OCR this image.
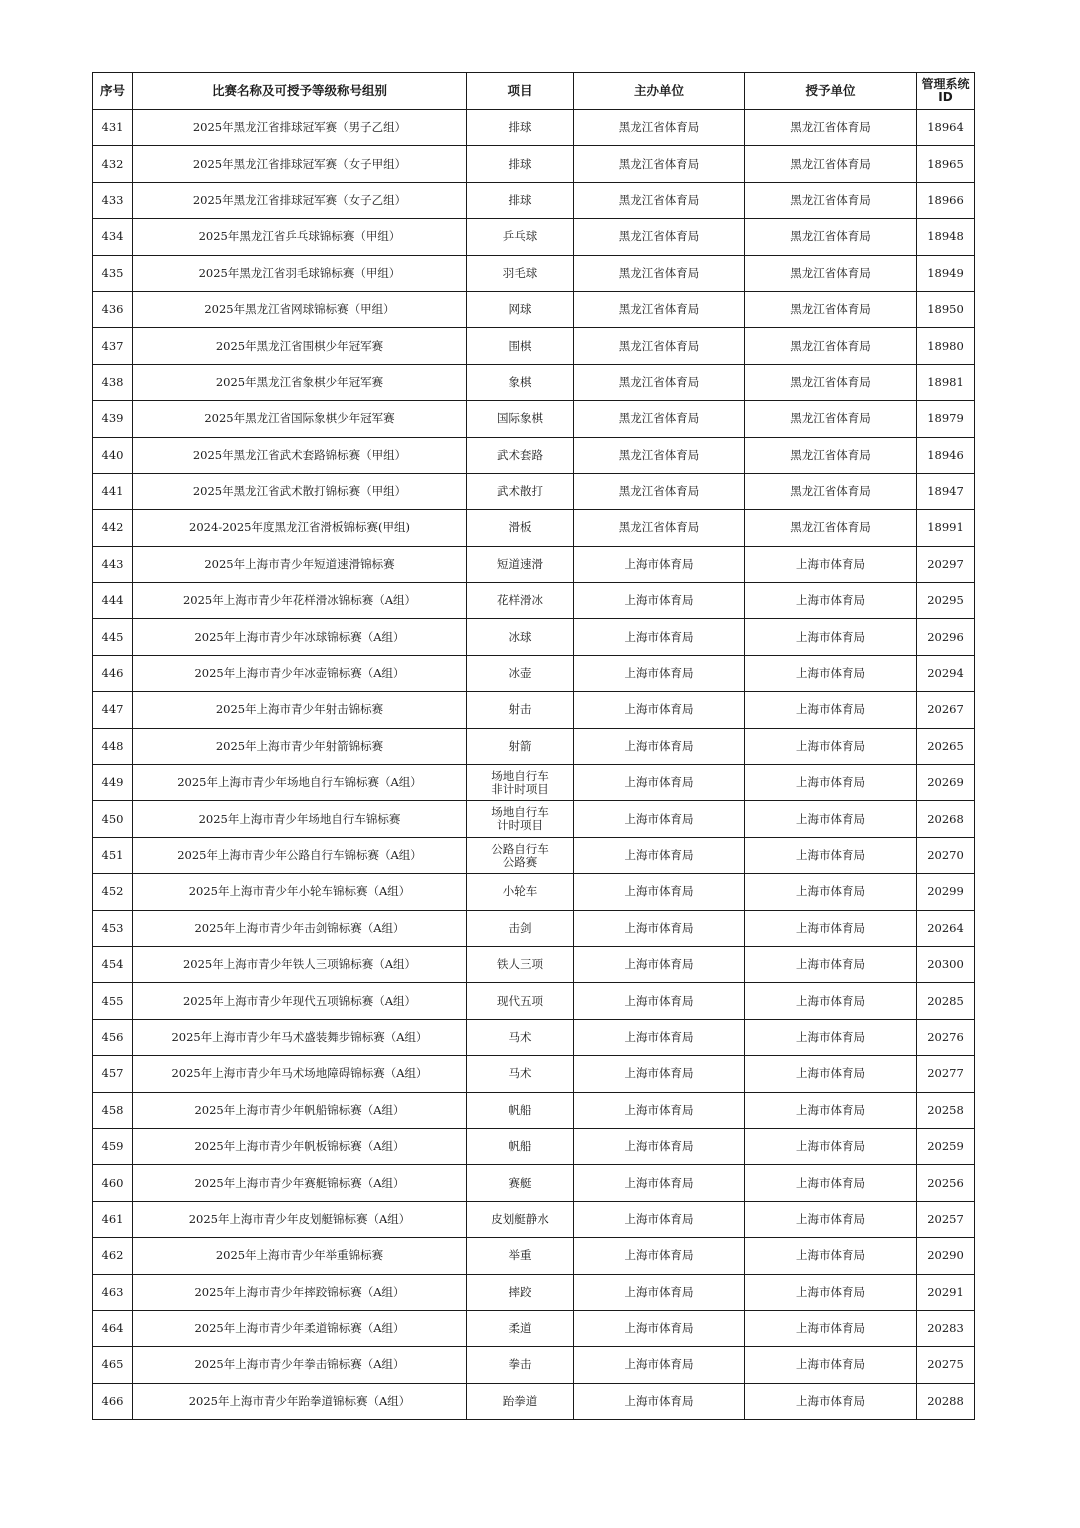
序号	比赛名称及可授予等级称号组别	项目	主办单位	授予单位	管理系统
ID

431	2025年黑龙江省排球冠军赛（男子乙组）	排球	黑龙江省体育局	黑龙江省体育局	18964
432	2025年黑龙江省排球冠军赛（女子甲组）	排球	黑龙江省体育局	黑龙江省体育局	18965
433	2025年黑龙江省排球冠军赛（女子乙组）	排球	黑龙江省体育局	黑龙江省体育局	18966
434	2025年黑龙江省乒乓球锦标赛（甲组）	乒乓球	黑龙江省体育局	黑龙江省体育局	18948
435	2025年黑龙江省羽毛球锦标赛（甲组）	羽毛球	黑龙江省体育局	黑龙江省体育局	18949
436	2025年黑龙江省网球锦标赛（甲组）	网球	黑龙江省体育局	黑龙江省体育局	18950
437	2025年黑龙江省围棋少年冠军赛	围棋	黑龙江省体育局	黑龙江省体育局	18980
438	2025年黑龙江省象棋少年冠军赛	象棋	黑龙江省体育局	黑龙江省体育局	18981
439	2025年黑龙江省国际象棋少年冠军赛	国际象棋	黑龙江省体育局	黑龙江省体育局	18979
440	2025年黑龙江省武术套路锦标赛（甲组）	武术套路	黑龙江省体育局	黑龙江省体育局	18946
441	2025年黑龙江省武术散打锦标赛（甲组）	武术散打	黑龙江省体育局	黑龙江省体育局	18947
442	2024-2025年度黑龙江省滑板锦标赛(甲组)	滑板	黑龙江省体育局	黑龙江省体育局	18991
443	2025年上海市青少年短道速滑锦标赛	短道速滑	上海市体育局	上海市体育局	20297
444	2025年上海市青少年花样滑冰锦标赛（A组）	花样滑冰	上海市体育局	上海市体育局	20295
445	2025年上海市青少年冰球锦标赛（A组）	冰球	上海市体育局	上海市体育局	20296
446	2025年上海市青少年冰壶锦标赛（A组）	冰壶	上海市体育局	上海市体育局	20294
447	2025年上海市青少年射击锦标赛	射击	上海市体育局	上海市体育局	20267
448	2025年上海市青少年射箭锦标赛	射箭	上海市体育局	上海市体育局	20265
449	2025年上海市青少年场地自行车锦标赛（A组）	场地自行车
非计时项目	上海市体育局	上海市体育局	20269
450	2025年上海市青少年场地自行车锦标赛	场地自行车
计时项目	上海市体育局	上海市体育局	20268
451	2025年上海市青少年公路自行车锦标赛（A组）	公路自行车
公路赛	上海市体育局	上海市体育局	20270
452	2025年上海市青少年小轮车锦标赛（A组）	小轮车	上海市体育局	上海市体育局	20299
453	2025年上海市青少年击剑锦标赛（A组）	击剑	上海市体育局	上海市体育局	20264
454	2025年上海市青少年铁人三项锦标赛（A组）	铁人三项	上海市体育局	上海市体育局	20300
455	2025年上海市青少年现代五项锦标赛（A组）	现代五项	上海市体育局	上海市体育局	20285
456	2025年上海市青少年马术盛装舞步锦标赛（A组）	马术	上海市体育局	上海市体育局	20276
457	2025年上海市青少年马术场地障碍锦标赛（A组）	马术	上海市体育局	上海市体育局	20277
458	2025年上海市青少年帆船锦标赛（A组）	帆船	上海市体育局	上海市体育局	20258
459	2025年上海市青少年帆板锦标赛（A组）	帆船	上海市体育局	上海市体育局	20259
460	2025年上海市青少年赛艇锦标赛（A组）	赛艇	上海市体育局	上海市体育局	20256
461	2025年上海市青少年皮划艇锦标赛（A组）	皮划艇静水	上海市体育局	上海市体育局	20257
462	2025年上海市青少年举重锦标赛	举重	上海市体育局	上海市体育局	20290
463	2025年上海市青少年摔跤锦标赛（A组）	摔跤	上海市体育局	上海市体育局	20291
464	2025年上海市青少年柔道锦标赛（A组）	柔道	上海市体育局	上海市体育局	20283
465	2025年上海市青少年拳击锦标赛（A组）	拳击	上海市体育局	上海市体育局	20275
466	2025年上海市青少年跆拳道锦标赛（A组）	跆拳道	上海市体育局	上海市体育局	20288
